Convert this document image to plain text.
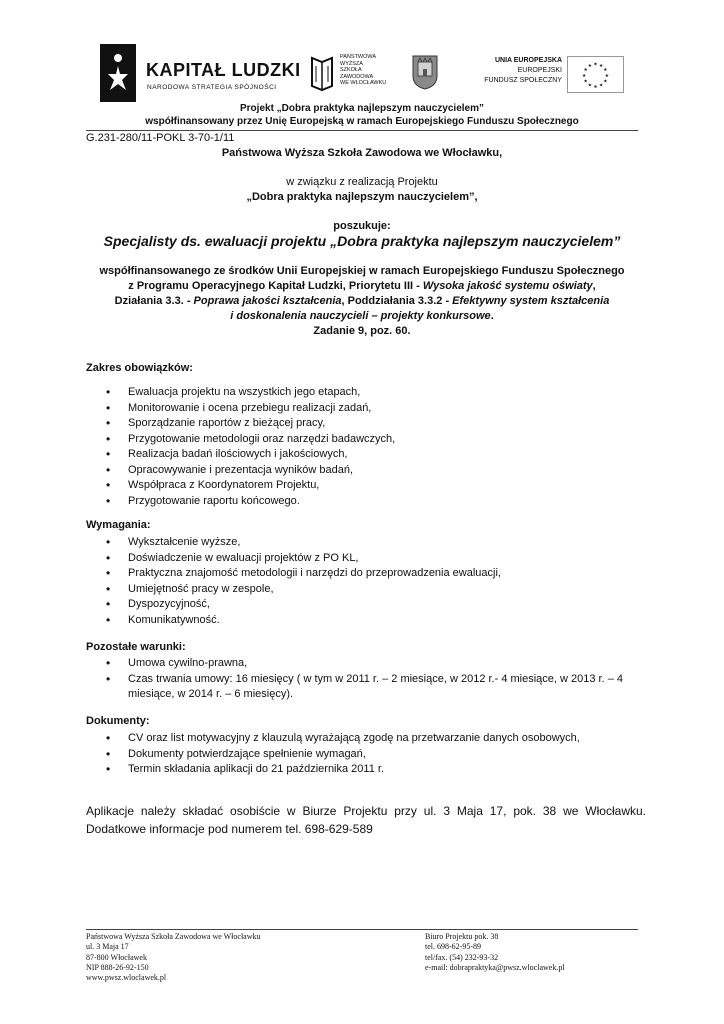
KAPITAŁ LUDZKI
NARODOWA STRATEGIA SPÓJNOŚCI
PAŃSTWOWA
WYŻSZA
SZKOŁA
ZAWODOWA
WE WŁOCŁAWKU
UNIA EUROPEJSKA
EUROPEJSKI
FUNDUSZ SPOŁECZNY
★ ★
★
★
★
★
★
★
★
★
★
★
Projekt „Dobra praktyka najlepszym nauczycielem”
współfinansowany przez Unię Europejską w ramach Europejskiego Funduszu Społecznego
G.231-280/11-POKL 3-70-1/11
Państwowa Wyższa Szkoła Zawodowa we Włocławku,
w związku z realizacją Projektu
„Dobra praktyka najlepszym nauczycielem”,
poszukuje:
Specjalisty ds. ewaluacji projektu „Dobra praktyka najlepszym nauczycielem”
współfinansowanego ze środków Unii Europejskiej w ramach Europejskiego Funduszu Społecznego
z Programu Operacyjnego Kapitał Ludzki, Priorytetu III - Wysoka jakość systemu oświaty,
Działania 3.3. - Poprawa jakości kształcenia, Poddziałania 3.3.2 - Efektywny system kształcenia
i doskonalenia nauczycieli – projekty konkursowe.
Zadanie 9, poz. 60.
Zakres obowiązków:
• Ewaluacja projektu na wszystkich jego etapach,
• Monitorowanie i ocena przebiegu realizacji zadań,
• Sporządzanie raportów z bieżącej pracy,
• Przygotowanie metodologii oraz narzędzi badawczych,
• Realizacja badań ilościowych i jakościowych,
• Opracowywanie i prezentacja wyników badań,
• Współpraca z Koordynatorem Projektu,
• Przygotowanie raportu końcowego.
Wymagania:
• Wykształcenie wyższe,
• Doświadczenie w ewaluacji projektów z PO KL,
• Praktyczna znajomość metodologii i narzędzi do przeprowadzenia ewaluacji,
• Umiejętność pracy w zespole,
• Dyspozycyjność,
• Komunikatywność.
Pozostałe warunki:
• Umowa cywilno-prawna,
• Czas trwania umowy: 16 miesięcy ( w tym w 2011 r. – 2 miesiące, w 2012 r.- 4 miesiące, w 2013 r. – 4 miesiące, w 2014 r. – 6 miesięcy).
Dokumenty:
• CV oraz list motywacyjny z klauzulą wyrażającą zgodę na przetwarzanie danych osobowych,
• Dokumenty potwierdzające spełnienie wymagań,
• Termin składania aplikacji do 21 października 2011 r.
Aplikacje należy składać osobiście w Biurze Projektu przy ul. 3 Maja 17, pok. 38 we Włocławku.
Dodatkowe informacje pod numerem tel. 698-629-589
Państwowa Wyższa Szkoła Zawodowa we Włocławku
ul. 3 Maja 17
87-800 Włocławek
NIP 888-26-92-150
www.pwsz.wloclawek.pl
Biuro Projektu pok. 38
tel. 698-62-95-89
tel/fax. (54) 232-93-32
e-mail: dobrapraktyka@pwsz.wloclawek.pl
